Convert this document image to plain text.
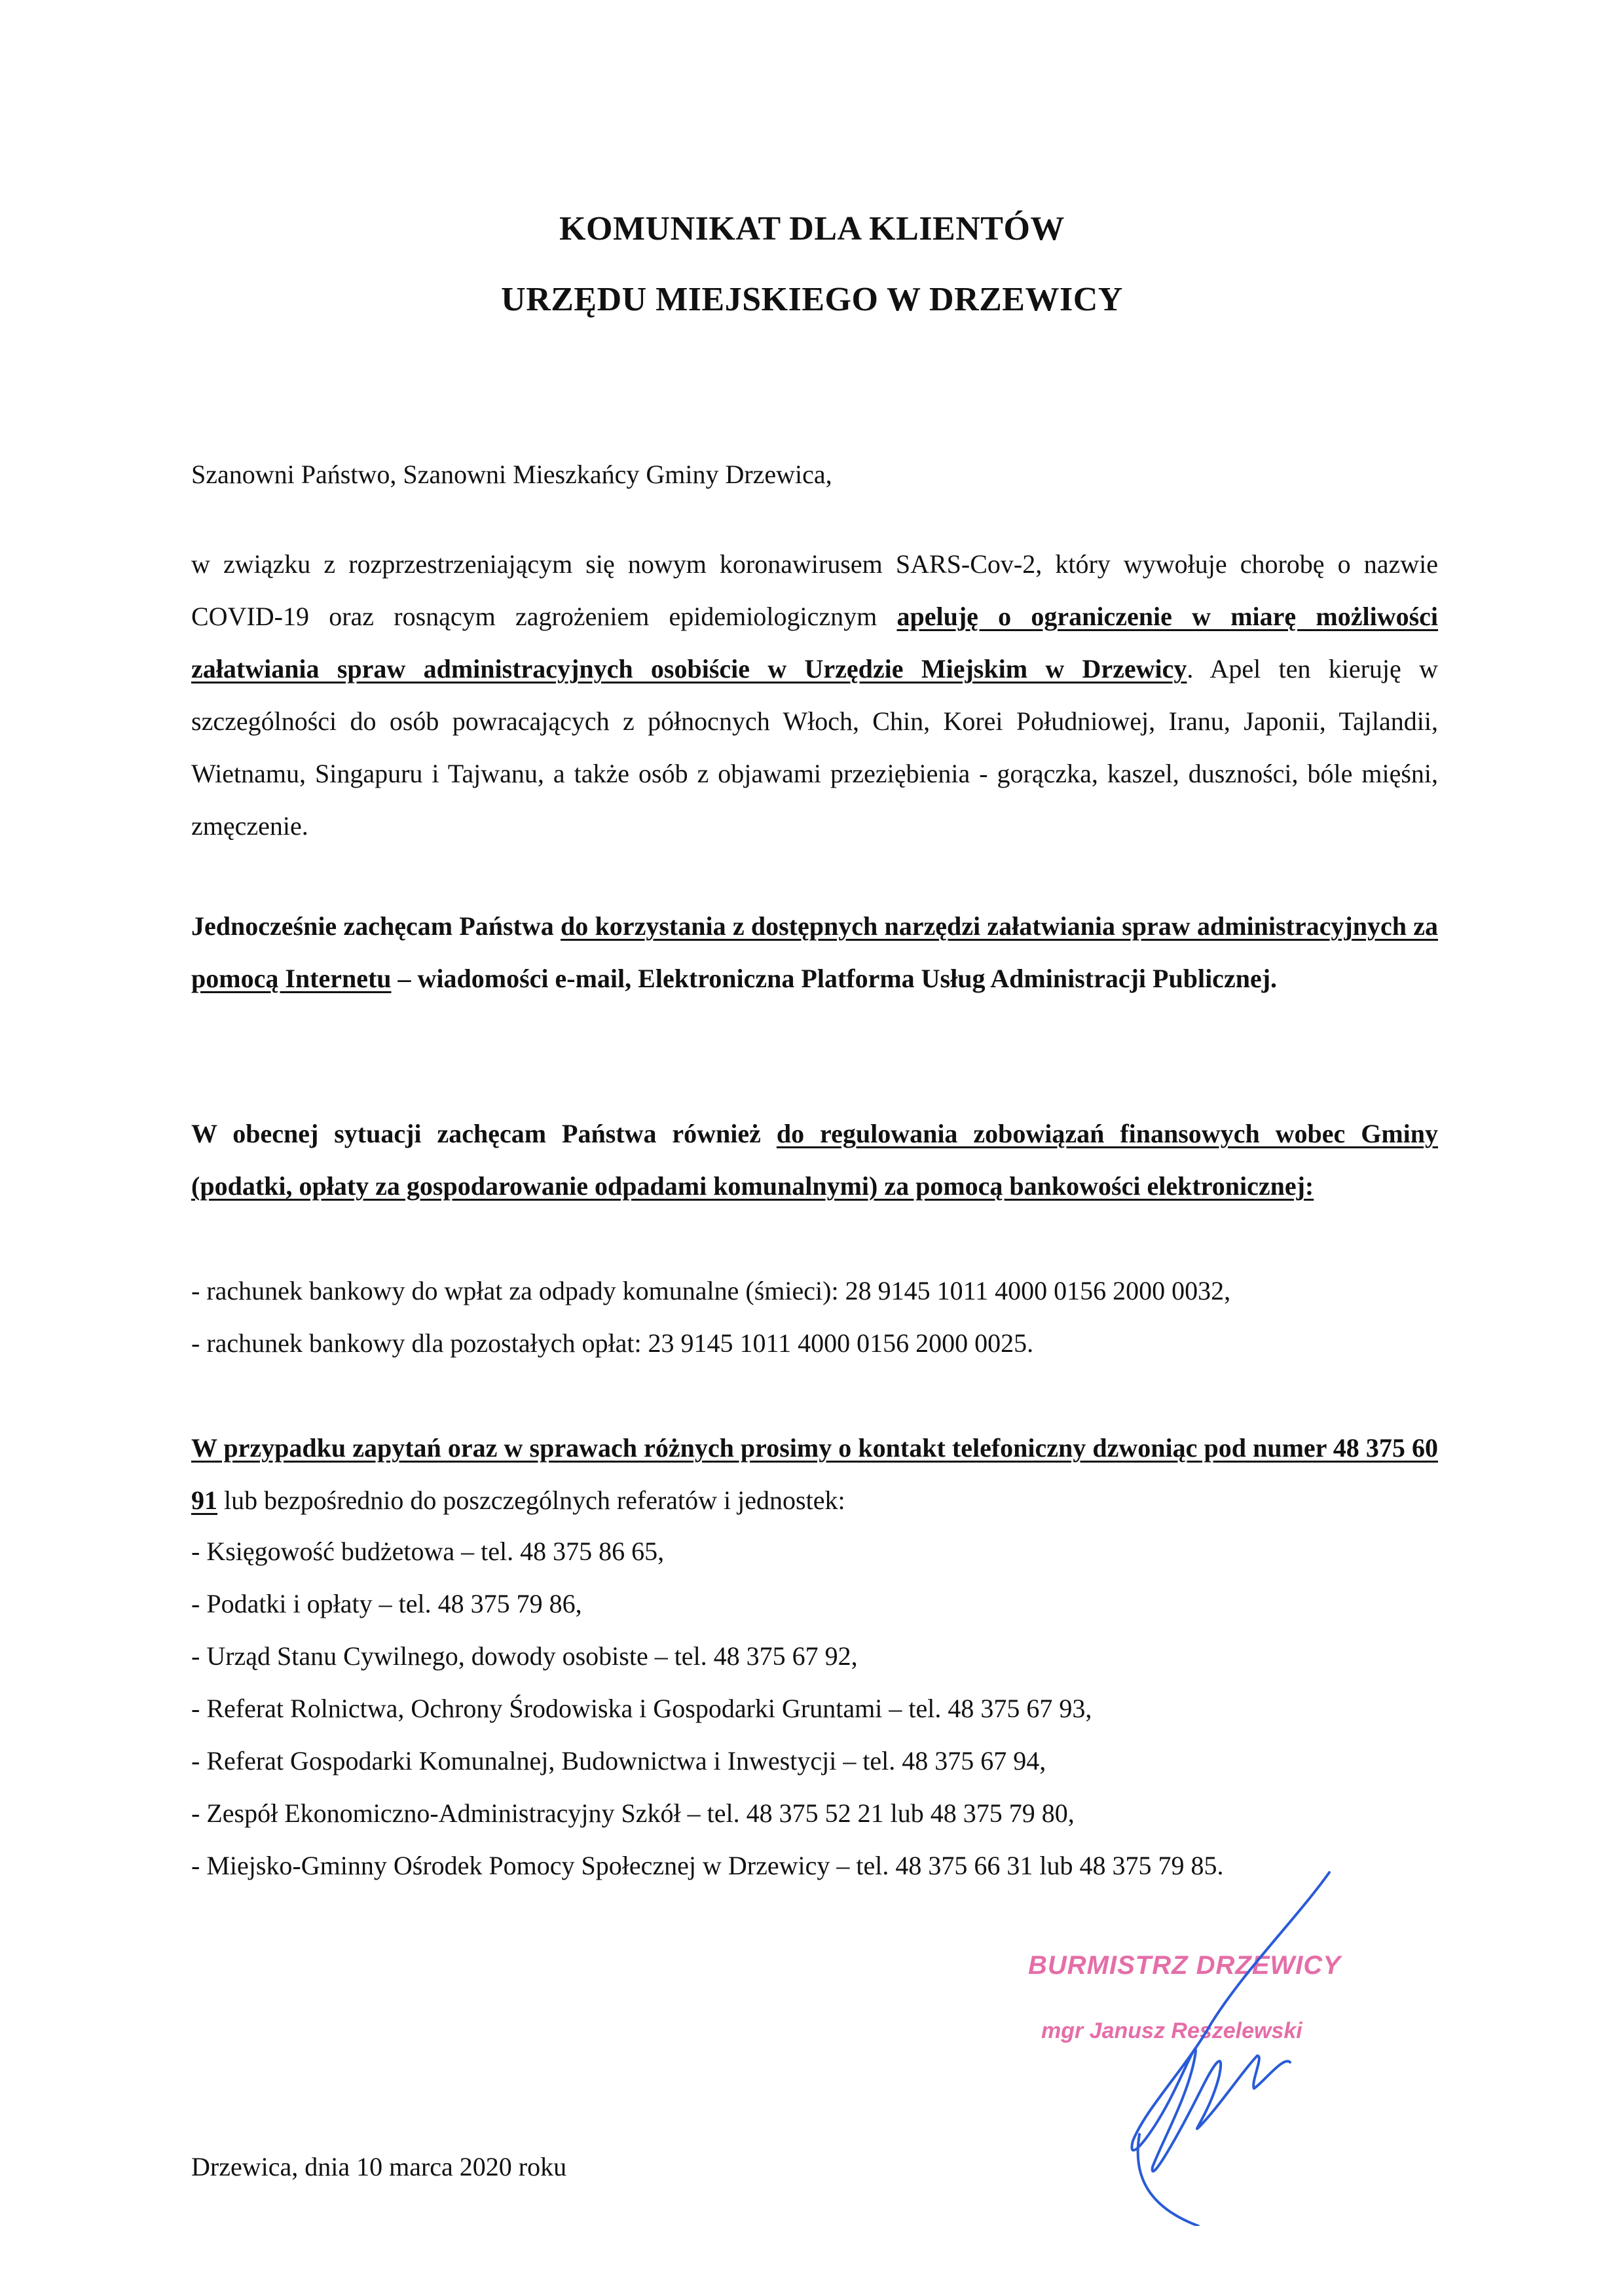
KOMUNIKAT DLA KLIENTÓW
URZĘDU MIEJSKIEGO W DRZEWICY

Szanowni Państwo, Szanowni Mieszkańcy Gminy Drzewica,

w związku z rozprzestrzeniającym się nowym koronawirusem SARS-Cov-2, który wywołuje chorobę o nazwie COVID-19 oraz rosnącym zagrożeniem epidemiologicznym apeluję o ograniczenie w miarę możliwości załatwiania spraw administracyjnych osobiście w Urzędzie Miejskim w Drzewicy. Apel ten kieruję w szczególności do osób powracających z północnych Włoch, Chin, Korei Południowej, Iranu, Japonii, Tajlandii, Wietnamu, Singapuru i Tajwanu, a także osób z objawami przeziębienia - gorączka, kaszel, duszności, bóle mięśni, zmęczenie.

Jednocześnie zachęcam Państwa do korzystania z dostępnych narzędzi załatwiania spraw administracyjnych za pomocą Internetu – wiadomości e-mail, Elektroniczna Platforma Usług Administracji Publicznej.

W obecnej sytuacji zachęcam Państwa również do regulowania zobowiązań finansowych wobec Gminy (podatki, opłaty za gospodarowanie odpadami komunalnymi) za pomocą bankowości elektronicznej:

- rachunek bankowy do wpłat za odpady komunalne (śmieci): 28 9145 1011 4000 0156 2000 0032,

- rachunek bankowy dla pozostałych opłat: 23 9145 1011 4000 0156 2000 0025.

W przypadku zapytań oraz w sprawach różnych prosimy o kontakt telefoniczny dzwoniąc pod numer 48 375 60 91 lub bezpośrednio do poszczególnych referatów i jednostek:

- Księgowość budżetowa – tel. 48 375 86 65,

- Podatki i opłaty – tel. 48 375 79 86,

- Urząd Stanu Cywilnego, dowody osobiste – tel. 48 375 67 92,

- Referat Rolnictwa, Ochrony Środowiska i Gospodarki Gruntami – tel. 48 375 67 93,

- Referat Gospodarki Komunalnej, Budownictwa i Inwestycji – tel. 48 375 67 94,

- Zespół Ekonomiczno-Administracyjny Szkół – tel. 48 375 52 21 lub 48 375 79 80,

- Miejsko-Gminny Ośrodek Pomocy Społecznej w Drzewicy – tel. 48 375 66 31 lub 48 375 79 85.

BURMISTRZ DRZEWICY
mgr Janusz Reszelewski

Drzewica, dnia 10 marca 2020 roku
